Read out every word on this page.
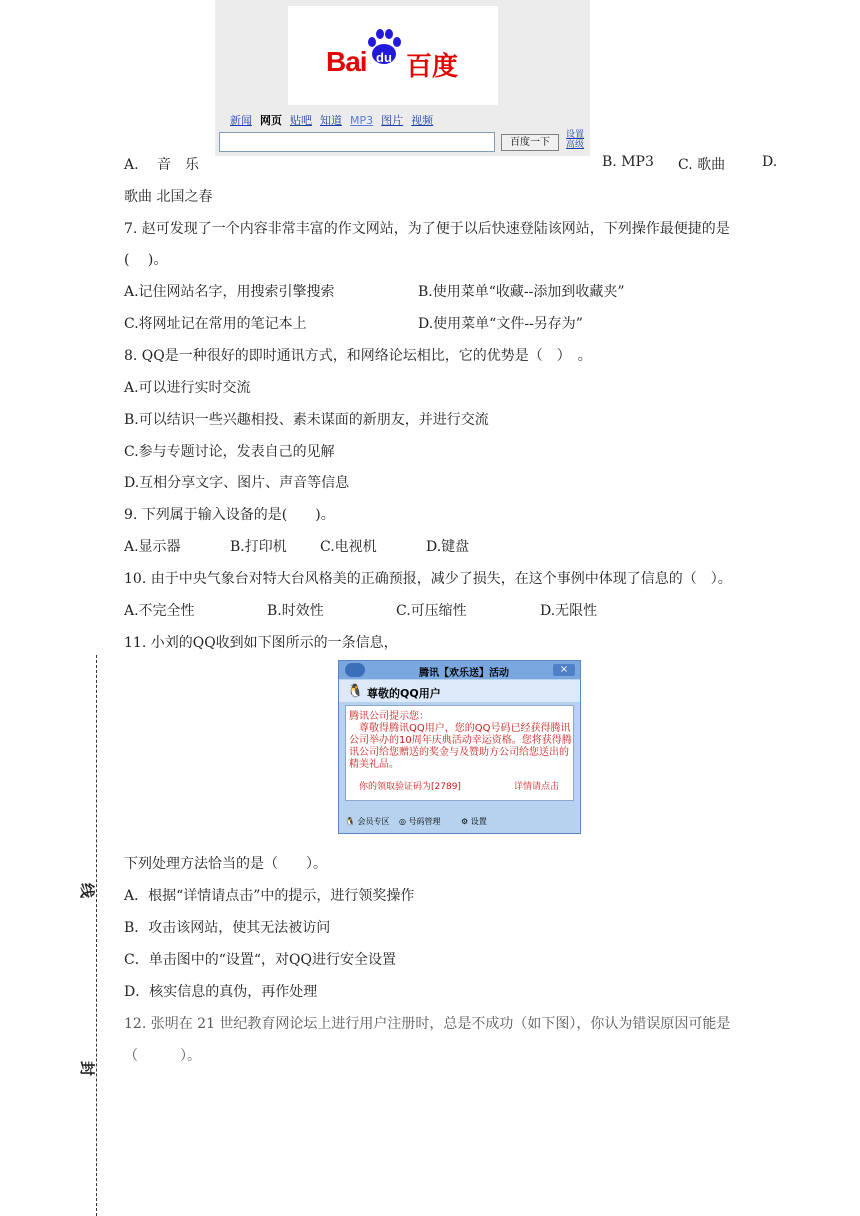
du
Bai 百度
新闻 网页 贴吧 知道 MP3 图片 视频
百度一下
设置
高级
A.　 音　乐	B. MP3 C. 歌曲	D.
歌曲 北国之春
7. 赵可发现了一个内容非常丰富的作文网站，为了便于以后快速登陆该网站，下列操作最便捷的是
(　 )。
A.记住网站名字，用搜索引擎搜索	B.使用菜单“收藏--添加到收藏夹”
C.将网址记在常用的笔记本上	D.使用菜单“文件--另存为”
8. QQ是一种很好的即时通讯方式，和网络论坛相比，它的优势是（　）　。
A.可以进行实时交流
B.可以结识一些兴趣相投、素未谋面的新朋友，并进行交流
C.参与专题讨论，发表自己的见解
D.互相分享文字、图片、声音等信息
9. 下列属于输入设备的是(　　)。
A.显示器	B.打印机 C.电视机	D.键盘
10. 由于中央气象台对特大台风格美的正确预报，减少了损失，在这个事例中体现了信息的（　）。
A.不完全性	B.时效性	C.可压缩性	D.无限性
11. 小刘的QQ收到如下图所示的一条信息，
腾讯【欢乐送】活动	×
🐧 尊敬的QQ用户
腾讯公司提示您：
　尊敬得腾讯QQ用户，您的QQ号码已经获得腾讯公司举办的10周年庆典活动幸运资格。您将获得腾讯公司给您赠送的奖金与及赞助方公司给您送出的精美礼品。
你的领取验证码为[2789]	详情请点击
🐧 会员专区 ◎ 号码管理	⚙ 设置
下列处理方法恰当的是（　　）。
A．根据“详情请点击”中的提示，进行领奖操作
B．攻击该网站，使其无法被访问
C．单击图中的“设置“，对QQ进行安全设置
D．核实信息的真伪，再作处理
12. 张明在 21 世纪教育网论坛上进行用户注册时，总是不成功（如下图），你认为错误原因可能是
（　　　）。
线
封
